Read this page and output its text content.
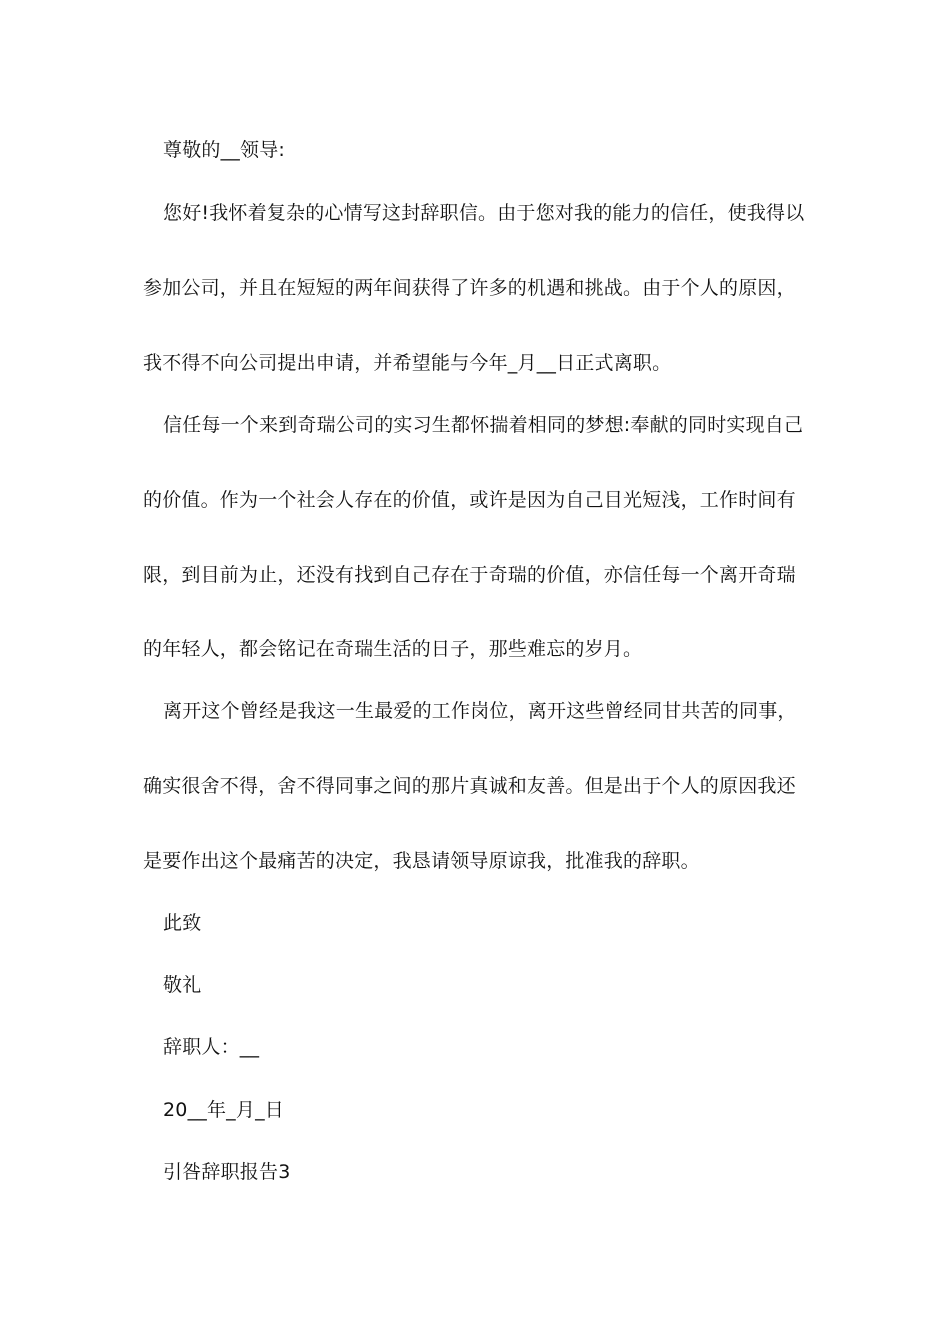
尊敬的__领导:
您好!我怀着复杂的心情写这封辞职信。由于您对我的能力的信任，使我得以
参加公司，并且在短短的两年间获得了许多的机遇和挑战。由于个人的原因，
我不得不向公司提出申请，并希望能与今年_月__日正式离职。
信任每一个来到奇瑞公司的实习生都怀揣着相同的梦想:奉献的同时实现自己
的价值。作为一个社会人存在的价值，或许是因为自己目光短浅，工作时间有
限，到目前为止，还没有找到自己存在于奇瑞的价值，亦信任每一个离开奇瑞
的年轻人，都会铭记在奇瑞生活的日子，那些难忘的岁月。
离开这个曾经是我这一生最爱的工作岗位，离开这些曾经同甘共苦的同事，
确实很舍不得，舍不得同事之间的那片真诚和友善。但是出于个人的原因我还
是要作出这个最痛苦的决定，我恳请领导原谅我，批准我的辞职。
此致
敬礼
辞职人：__
20__年_月_日
引咎辞职报告3
